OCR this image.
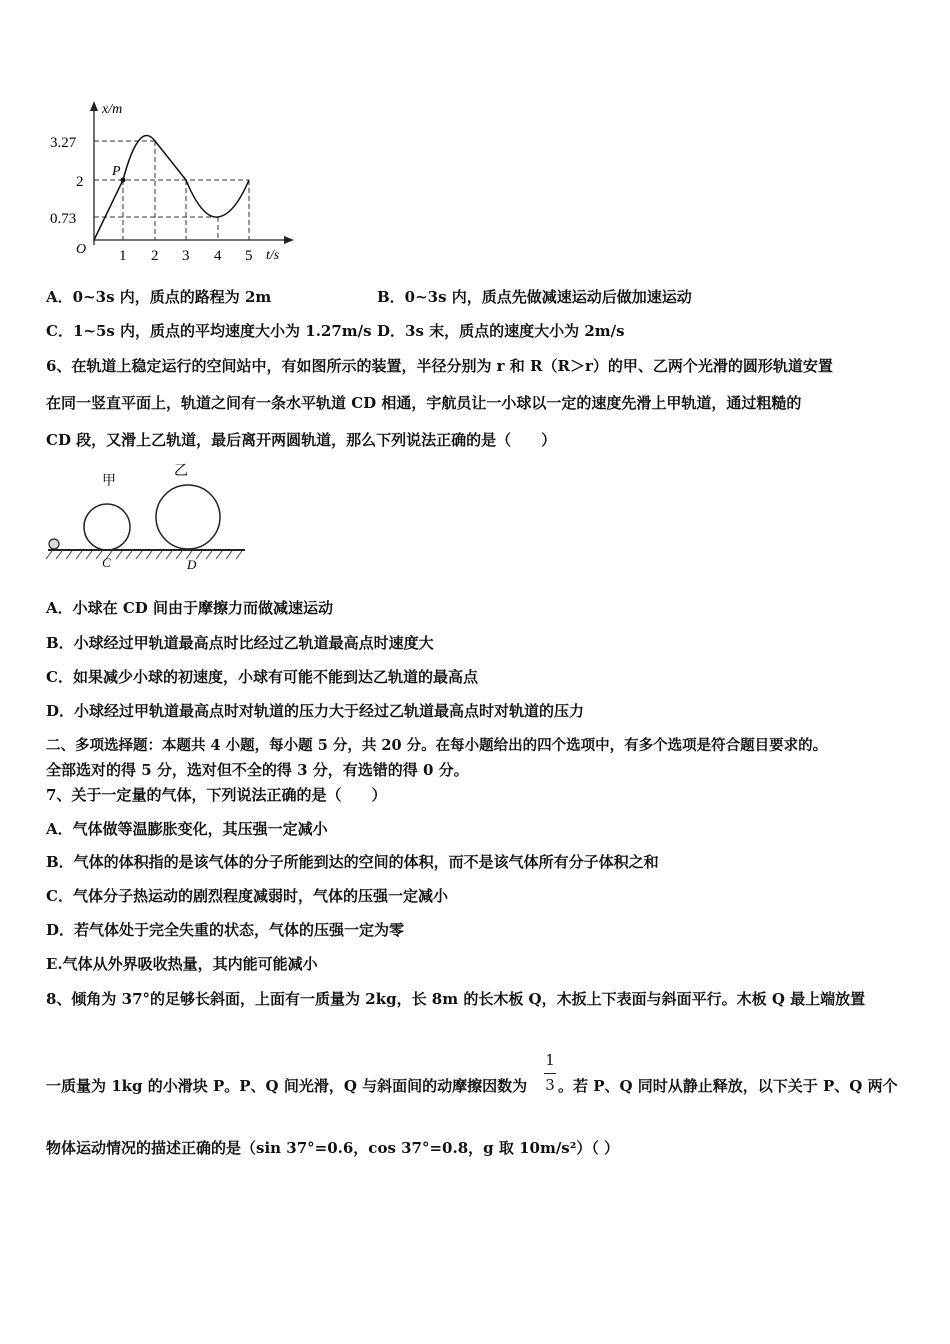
x/m
t/s
O
P
3.27
2
0.73
1 2 3 4 5
A．0~3s 内，质点的路程为 2m	B．0~3s 内，质点先做减速运动后做加速运动
C．1~5s 内，质点的平均速度大小为 1.27m/s D．3s 末，质点的速度大小为 2m/s
6、在轨道上稳定运行的空间站中，有如图所示的装置，半径分别为 r 和 R（R＞r）的甲、乙两个光滑的圆形轨道安置
在同一竖直平面上，轨道之间有一条水平轨道 CD 相通，宇航员让一小球以一定的速度先滑上甲轨道，通过粗糙的
CD 段，又滑上乙轨道，最后离开两圆轨道，那么下列说法正确的是（　　）
甲
乙
C	D
A．小球在 CD 间由于摩擦力而做减速运动
B．小球经过甲轨道最高点时比经过乙轨道最高点时速度大
C．如果减少小球的初速度，小球有可能不能到达乙轨道的最高点
D．小球经过甲轨道最高点时对轨道的压力大于经过乙轨道最高点时对轨道的压力
二、多项选择题：本题共 4 小题，每小题 5 分，共 20 分。在每小题给出的四个选项中，有多个选项是符合题目要求的。
全部选对的得 5 分，选对但不全的得 3 分，有选错的得 0 分。
7、关于一定量的气体，下列说法正确的是（　　）
A．气体做等温膨胀变化，其压强一定减小
B．气体的体积指的是该气体的分子所能到达的空间的体积，而不是该气体所有分子体积之和
C．气体分子热运动的剧烈程度减弱时，气体的压强一定减小
D．若气体处于完全失重的状态，气体的压强一定为零
E.气体从外界吸收热量，其内能可能减小
8、倾角为 37°的足够长斜面，上面有一质量为 2kg，长 8m 的长木板 Q，木扳上下表面与斜面平行。木板 Q 最上端放置
一质量为 1kg 的小滑块 P。P、Q 间光滑，Q 与斜面间的动摩擦因数为
1
3 。若 P、Q 同时从静止释放，以下关于 P、Q 两个
物体运动情况的描述正确的是（sin 37°=0.6，cos 37°=0.8，g 取 10m/s²）（ ）
